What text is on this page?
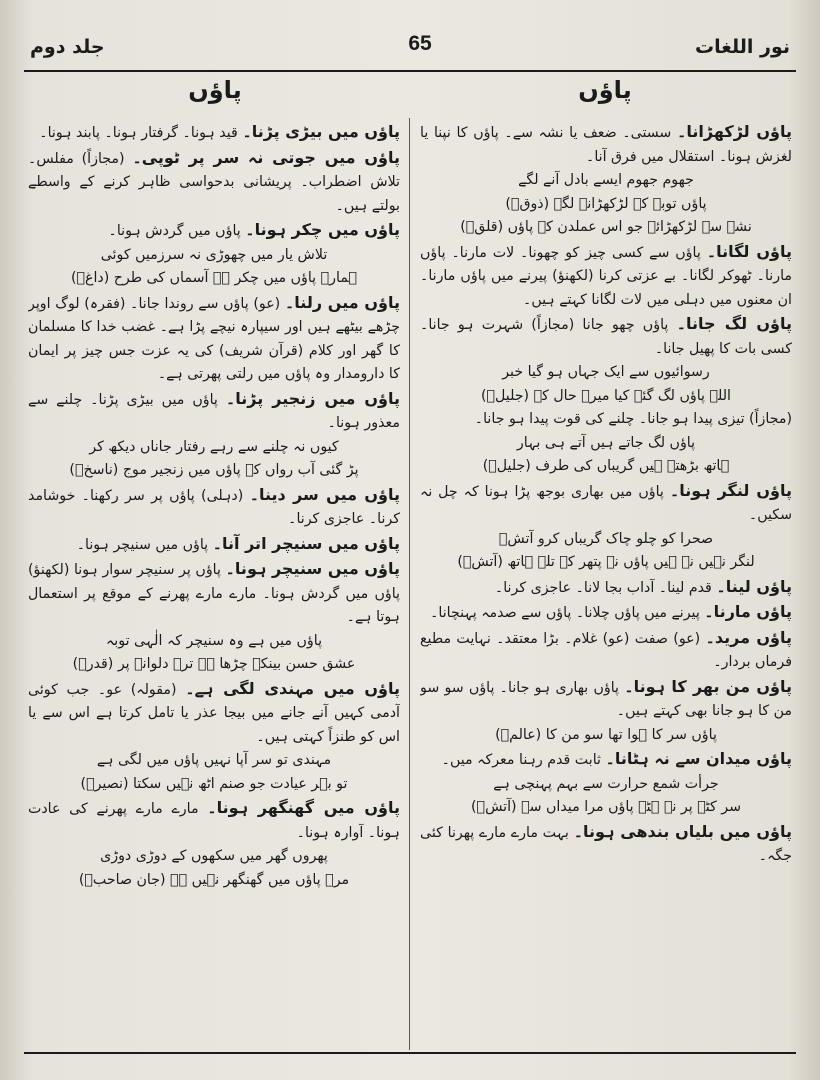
جلد دوم	65	نور اللغات
پاؤں	پاؤں

پاؤں لڑکھڑانا۔ سستی۔ ضعف یا نشہ سے۔ پاؤں کا نپنا یا لغزش ہونا۔ استقلال میں فرق آنا۔

جھوم جھوم ایسے بادل آنے لگے

پاؤں توبہ کے لڑکھڑانے لگے (ذوقؔ)

نشے سے لڑکھڑائے جو اس عملدن کے پاؤں (قلقؔ)

پاؤں لگانا۔ پاؤں سے کسی چیز کو چھونا۔ لات مارنا۔ پاؤں مارنا۔ ٹھوکر لگانا۔ بے عزتی کرنا (لکھنؤ) پیرنے میں پاؤں مارنا۔ ان معنوں میں دہلی میں لات لگانا کہتے ہیں۔

پاؤں لگ جانا۔ پاؤں چھو جانا (مجازاً) شہرت ہو جانا۔ کسی بات کا پھیل جانا۔

رسوائیوں سے ایک جہاں ہو گیا خبر

اللہ پاؤں لگ گئے کیا میرے حال کے (جلیلؔ)

(مجازاً) تیزی پیدا ہو جانا۔ چلنے کی قوت پیدا ہو جانا۔

پاؤں لگ جاتے ہیں آتے ہی بہار

ہاتھ بڑھتے ہیں گریباں کی طرف (جلیلؔ)

پاؤں لنگر ہونا۔ پاؤں میں بھاری بوجھ پڑا ہونا کہ چل نہ سکیں۔

صحرا کو چلو چاک گریباں کرو آتشؔ

لنگر نہیں نہ ہیں پاؤں نہ پتھر کے تلے ہاتھ (آتشؔ)

پاؤں لینا۔ قدم لینا۔ آداب بجا لانا۔ عاجزی کرنا۔

پاؤں مارنا۔ پیرنے میں پاؤں چلانا۔ پاؤں سے صدمہ پہنچانا۔

پاؤں مرید۔ (عو) صفت (عو) غلام۔ بڑا معتقد۔ نہایت مطیع فرماں بردار۔

پاؤں من بھر کا ہونا۔ پاؤں بھاری ہو جانا۔ پاؤں سو سو من کا ہو جانا بھی کہتے ہیں۔

پاؤں سر کا ہوا تھا سو من کا (عالمؔ)

پاؤں میدان سے نہ ہٹانا۔ ثابت قدم رہنا معرکہ میں۔

جرأت شمع حرارت سے بہم پہنچی ہے

سر کٹے پر نہ ہٹے پاؤں مرا میداں سے (آتشؔ)

پاؤں میں بلیاں بندھی ہونا۔ بہت مارے مارے پھرنا کئی جگہ۔

پاؤں میں بیڑی پڑنا۔ قید ہونا۔ گرفتار ہونا۔ پابند ہونا۔

پاؤں میں جوتی نہ سر پر ٹوپی۔ (مجازاً) مفلس۔ تلاش اضطراب۔ پریشانی بدحواسی ظاہر کرنے کے واسطے بولتے ہیں۔

پاؤں میں چکر ہونا۔ پاؤں میں گردش ہونا۔

تلاش یار میں چھوڑی نہ سرزمیں کوئی

ہمارے پاؤں میں چکر ہے آسماں کی طرح (داغؔ)

پاؤں میں رلنا۔ (عو) پاؤں سے روندا جانا۔ (فقرہ) لوگ اوپر چڑھے بیٹھے ہیں اور سیپارہ نیچے پڑا ہے۔ غضب خدا کا مسلمان کا گھر اور کلام (قرآن شریف) کی یہ عزت جس چیز پر ایمان کا دارومدار وہ پاؤں میں رلتی پھرتی ہے۔

پاؤں میں زنجیر پڑنا۔ پاؤں میں بیڑی پڑنا۔ چلنے سے معذور ہونا۔

کیوں نہ چلنے سے رہے رفتار جاناں دیکھ کر

پڑ گئی آب رواں کے پاؤں میں زنجیر موج (ناسخؔ)

پاؤں میں سر دینا۔ (دہلی) پاؤں پر سر رکھنا۔ خوشامد کرنا۔ عاجزی کرنا۔

پاؤں میں سنیچر اتر آنا۔ پاؤں میں سنیچر ہونا۔

پاؤں میں سنیچر ہونا۔ پاؤں پر سنیچر سوار ہونا (لکھنؤ) پاؤں میں گردش ہونا۔ مارے مارے پھرنے کے موقع پر استعمال ہوتا ہے۔

پاؤں میں ہے وہ سنیچر کہ الٰہی توبہ

عشق حسن بینکے چڑھا ہے ترے دلوانے پر (قدرؔ)

پاؤں میں مہندی لگی ہے۔ (مقولہ) عو۔ جب کوئی آدمی کہیں آنے جانے میں بیجا عذر یا تامل کرتا ہے اس سے یا اس کو طنزاً کہتی ہیں۔

مہندی تو سر آپا نہیں پاؤں میں لگی ہے

تو بہر عیادت جو صنم اٹھ نہیں سکتا (نصیرؔ)

پاؤں میں گھنگھر ہونا۔ مارے مارے پھرنے کی عادت ہونا۔ آوارہ ہونا۔

پھروں گھر میں سکھوں کے دوڑی دوڑی

مرے پاؤں میں گھنگھر نہیں ہے (جان صاحبؔ)
